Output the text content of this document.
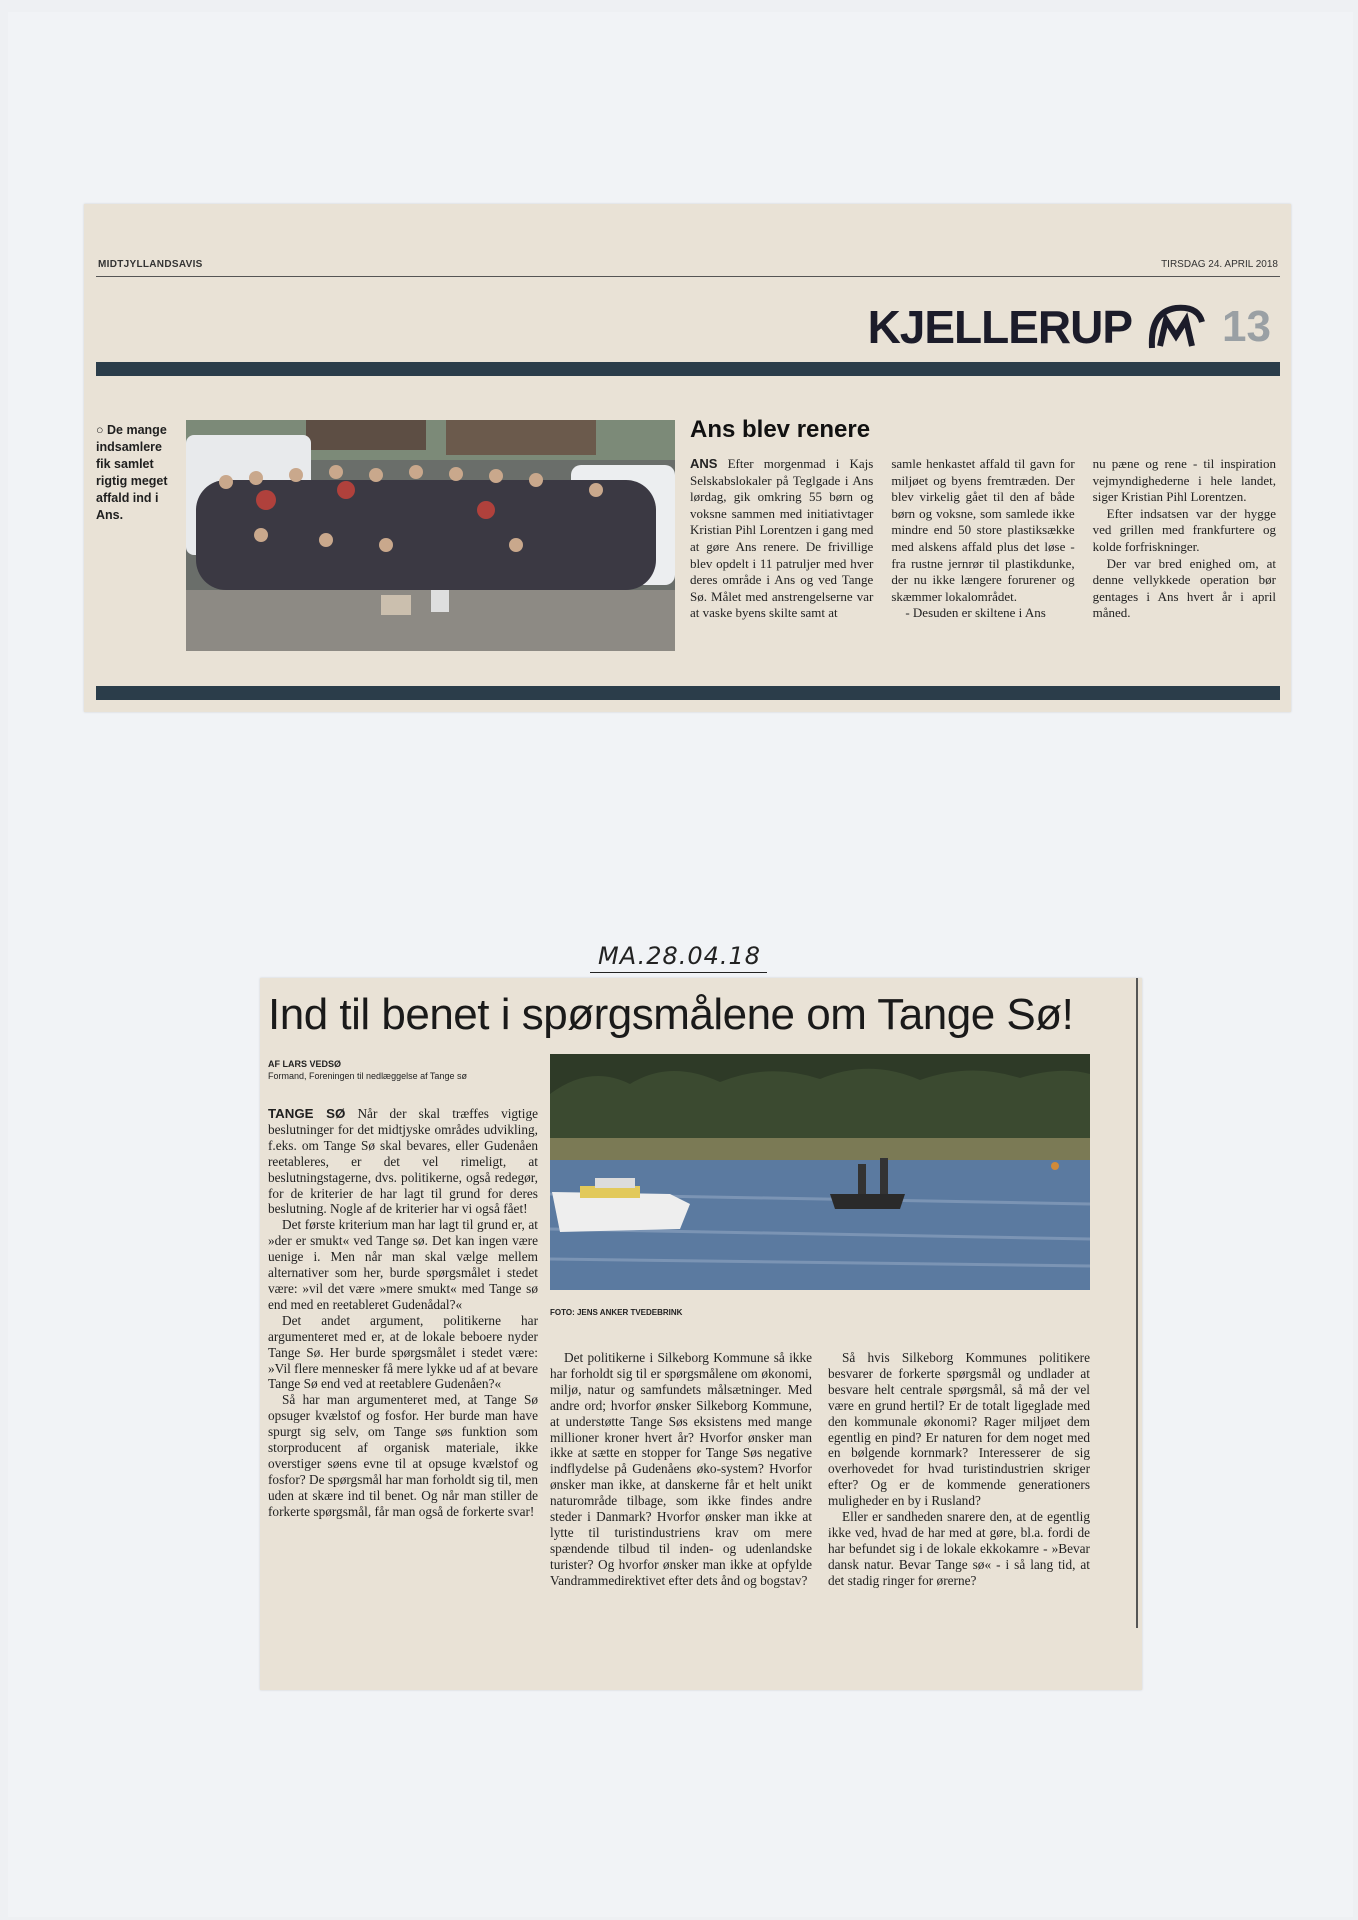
MIDTJYLLANDSAVIS	TIRSDAG 24. APRIL 2018
KJELLERUP 13
○ De mange indsamlere fik samlet rigtig meget affald ind i Ans.
Ans blev renere

ANS Efter morgenmad i Kajs Selskabslokaler på Teglgade i Ans lørdag, gik omkring 55 børn og voksne sammen med initiativtager Kristian Pihl Lorentzen i gang med at gøre Ans renere. De frivillige blev opdelt i 11 patruljer med hver deres område i Ans og ved Tange Sø. Målet med anstrengelserne var at vaske byens skilte samt at

samle henkastet affald til gavn for miljøet og byens fremtræden. Der blev virkelig gået til den af både børn og voksne, som samlede ikke mindre end 50 store plastiksække med alskens affald plus det løse - fra rustne jernrør til plastikdunke, der nu ikke længere forurener og skæmmer lokalområdet.

- Desuden er skiltene i Ans

nu pæne og rene - til inspiration vejmyndighederne i hele landet, siger Kristian Pihl Lorentzen.

Efter indsatsen var der hygge ved grillen med frankfurtere og kolde forfriskninger.

Der var bred enighed om, at denne vellykkede operation bør gentages i Ans hvert år i april måned.

MA.28.04.18
Ind til benet i spørgsmålene om Tange Sø!
AF LARS VEDSØ
Formand, Foreningen til nedlæggelse af Tange sø
FOTO: JENS ANKER TVEDEBRINK

TANGE SØ Når der skal træffes vigtige beslutninger for det midtjyske områdes udvikling, f.eks. om Tange Sø skal bevares, eller Gudenåen reetableres, er det vel rimeligt, at beslutningstagerne, dvs. politikerne, også redegør, for de kriterier de har lagt til grund for deres beslutning. Nogle af de kriterier har vi også fået!

Det første kriterium man har lagt til grund er, at »der er smukt« ved Tange sø. Det kan ingen være uenige i. Men når man skal vælge mellem alternativer som her, burde spørgsmålet i stedet være: »vil det være »mere smukt« med Tange sø end med en reetableret Gudenådal?«

Det andet argument, politikerne har argumenteret med er, at de lokale beboere nyder Tange Sø. Her burde spørgsmålet i stedet være: »Vil flere mennesker få mere lykke ud af at bevare Tange Sø end ved at reetablere Gudenåen?«

Så har man argumenteret med, at Tange Sø opsuger kvælstof og fosfor. Her burde man have spurgt sig selv, om Tange søs funktion som storproducent af organisk materiale, ikke overstiger søens evne til at opsuge kvælstof og fosfor? De spørgsmål har man forholdt sig til, men uden at skære ind til benet. Og når man stiller de forkerte spørgsmål, får man også de forkerte svar!

Det politikerne i Silkeborg Kommune så ikke har forholdt sig til er spørgsmålene om økonomi, miljø, natur og samfundets målsætninger. Med andre ord; hvorfor ønsker Silkeborg Kommune, at understøtte Tange Søs eksistens med mange millioner kroner hvert år? Hvorfor ønsker man ikke at sætte en stopper for Tange Søs negative indflydelse på Gudenåens øko-system? Hvorfor ønsker man ikke, at danskerne får et helt unikt naturområde tilbage, som ikke findes andre steder i Danmark? Hvorfor ønsker man ikke at lytte til turistindustriens krav om mere spændende tilbud til inden- og udenlandske turister? Og hvorfor ønsker man ikke at opfylde Vandrammedirektivet efter dets ånd og bogstav?

Så hvis Silkeborg Kommunes politikere besvarer de forkerte spørgsmål og undlader at besvare helt centrale spørgsmål, så må der vel være en grund hertil? Er de totalt ligeglade med den kommunale økonomi? Rager miljøet dem egentlig en pind? Er naturen for dem noget med en bølgende kornmark? Interesserer de sig overhovedet for hvad turistindustrien skriger efter? Og er de kommende generationers muligheder en by i Rusland?

Eller er sandheden snarere den, at de egentlig ikke ved, hvad de har med at gøre, bl.a. fordi de har befundet sig i de lokale ekkokamre - »Bevar dansk natur. Bevar Tange sø« - i så lang tid, at det stadig ringer for ørerne?
